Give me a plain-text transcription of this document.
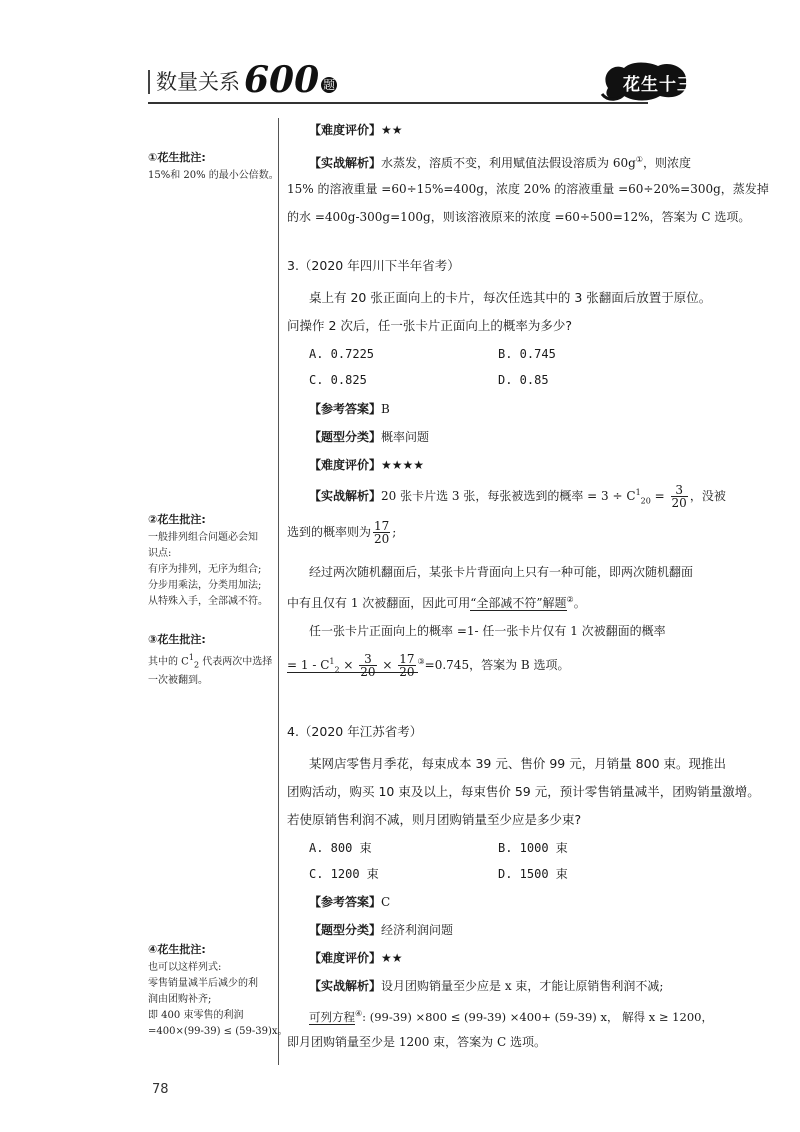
数量关系 600 题	花生十三
①花生批注:
15%和 20% 的最小公倍数。
②花生批注:
一般排列组合问题必会知
识点:
有序为排列，无序为组合;
分步用乘法，分类用加法;
从特殊入手，全部减不符。
③花生批注:
其中的 $C^1_2$ 代表两次中选择
一次被翻到。
④花生批注:
也可以这样列式:
零售销量减半后减少的利
润由团购补齐;
即 400 束零售的利润
=400×(99-39) ≤ (59-39)x。
【难度评价】★★
【实战解析】水蒸发，溶质不变，利用赋值法假设溶质为 60g①，则浓度
15% 的溶液重量 =60÷15%=400g，浓度 20% 的溶液重量 =60÷20%=300g，蒸发掉
的水 =400g-300g=100g，则该溶液原来的浓度 =60÷500=12%，答案为 C 选项。
3.（2020 年四川下半年省考）
桌上有 20 张正面向上的卡片，每次任选其中的 3 张翻面后放置于原位。
问操作 2 次后，任一张卡片正面向上的概率为多少?
A. 0.7225	B. 0.745
C. 0.825	D. 0.85
【参考答案】B
【题型分类】概率问题
【难度评价】★★★★
【实战解析】20 张卡片选 3 张，每张被选到的概率 = $3 \div C^1_{20} = \frac{3}{20}$ ，没被
选到的概率则为 $\frac{17}{20}$ ;
经过两次随机翻面后，某张卡片背面向上只有一种可能，即两次随机翻面
中有且仅有 1 次被翻面，因此可用“全部减不符”解题②。
任一张卡片正面向上的概率 =1- 任一张卡片仅有 1 次被翻面的概率
= $1 - C^1_2 \times \frac{3}{20} \times \frac{17}{20} ^③=0.745$，答案为 B 选项。
4.（2020 年江苏省考）
某网店零售月季花，每束成本 39 元、售价 99 元，月销量 800 束。现推出
团购活动，购买 10 束及以上，每束售价 59 元，预计零售销量减半，团购销量激增。
若使原销售利润不减，则月团购销量至少应是多少束?
A. 800 束	B. 1000 束
C. 1200 束	D. 1500 束
【参考答案】C
【题型分类】经济利润问题
【难度评价】★★
【实战解析】设月团购销量至少应是 x 束，才能让原销售利润不减;
可列方程④: (99-39) ×800 ≤ (99-39) ×400+ (59-39) x， 解得 x ≥ 1200，
即月团购销量至少是 1200 束，答案为 C 选项。
78
